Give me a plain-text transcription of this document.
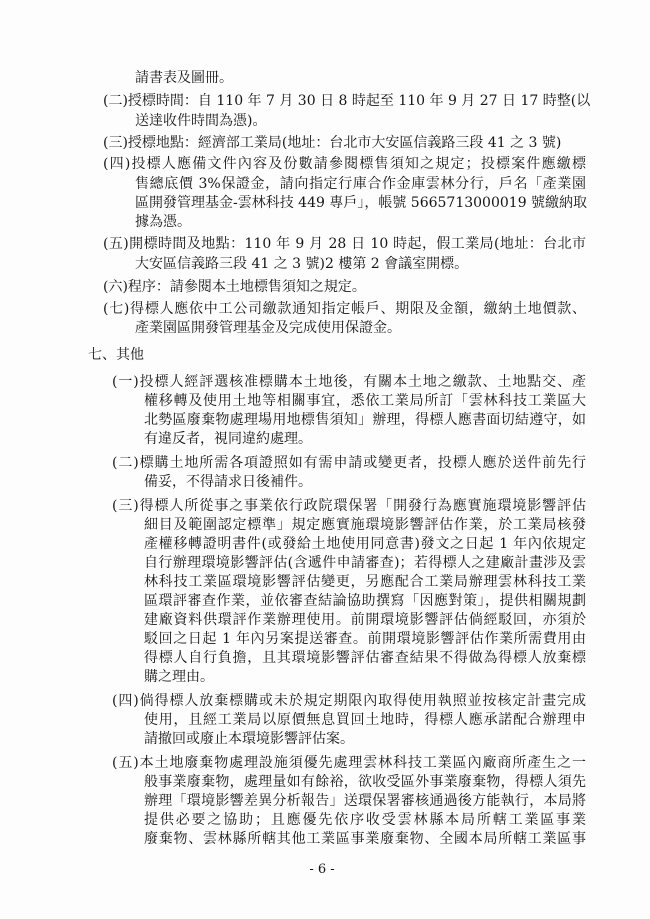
請書表及圖冊。
(二)授標時間：自 110 年 7 月 30 日 8 時起至 110 年 9 月 27 日 17 時整(以
送達收件時間為憑)。
(三)授標地點：經濟部工業局(地址：台北市大安區信義路三段 41 之 3 號)
(四)投標人應備文件內容及份數請參閱標售須知之規定；投標案件應繳標
售總底價 3%保證金，請向指定行庫合作金庫雲林分行，戶名「產業園
區開發管理基金-雲林科技 449 專戶」，帳號 5665713000019 號繳納取
據為憑。
(五)開標時間及地點：110 年 9 月 28 日 10 時起，假工業局(地址：台北市
大安區信義路三段 41 之 3 號)2 樓第 2 會議室開標。
(六)程序：請參閱本土地標售須知之規定。
(七)得標人應依中工公司繳款通知指定帳戶、期限及金額，繳納土地價款、
產業園區開發管理基金及完成使用保證金。
七、其他
(一)投標人經評選核准標購本土地後，有關本土地之繳款、土地點交、產
權移轉及使用土地等相關事宜，悉依工業局所訂「雲林科技工業區大
北勢區廢棄物處理場用地標售須知」辦理，得標人應書面切結遵守，如
有違反者，視同違約處理。
(二)標購土地所需各項證照如有需申請或變更者，投標人應於送件前先行
備妥，不得請求日後補件。
(三)得標人所從事之事業依行政院環保署「開發行為應實施環境影響評估
細目及範圍認定標準」規定應實施環境影響評估作業，於工業局核發
產權移轉證明書件(或發給土地使用同意書)發文之日起 1 年內依規定
自行辦理環境影響評估(含遞件申請審查)；若得標人之建廠計畫涉及雲
林科技工業區環境影響評估變更，另應配合工業局辦理雲林科技工業
區環評審查作業，並依審查結論協助撰寫「因應對策」，提供相關規劃
建廠資料供環評作業辦理使用。前開環境影響評估倘經駁回，亦須於
駁回之日起 1 年內另案提送審查。前開環境影響評估作業所需費用由
得標人自行負擔，且其環境影響評估審查結果不得做為得標人放棄標
購之理由。
(四)倘得標人放棄標購或未於規定期限內取得使用執照並按核定計畫完成
使用，且經工業局以原價無息買回土地時，得標人應承諾配合辦理申
請撤回或廢止本環境影響評估案。
(五)本土地廢棄物處理設施須優先處理雲林科技工業區內廠商所產生之一
般事業廢棄物，處理量如有餘裕，欲收受區外事業廢棄物，得標人須先
辦理「環境影響差異分析報告」送環保署審核通過後方能執行，本局將
提供必要之協助；且應優先依序收受雲林縣本局所轄工業區事業
廢棄物、雲林縣所轄其他工業區事業廢棄物、全國本局所轄工業區事
- 6 -
